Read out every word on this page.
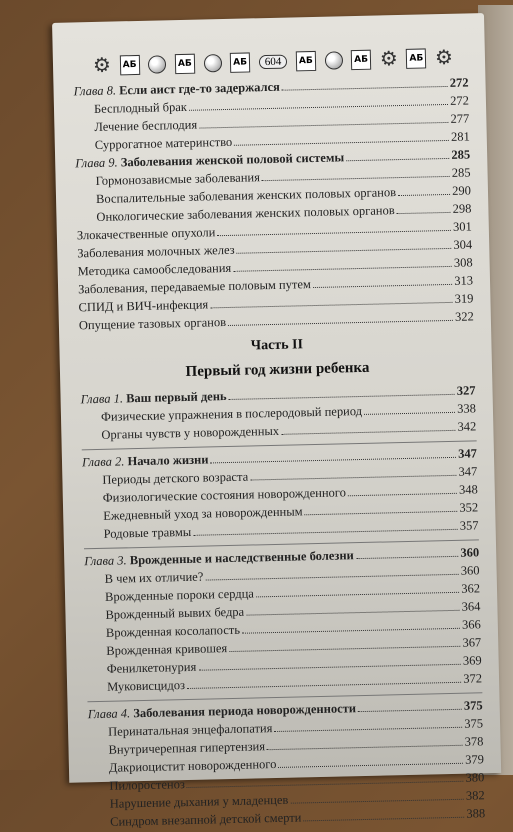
⚙	АБ	АБ	АБ	604	АБ	АБ ⚙	АБ ⚙
Глава 8. Если аист где-то задержался	272
Бесплодный брак	272
Лечение бесплодия	277
Суррогатное материнство	281
Глава 9. Заболевания женской половой системы	285
Гормонозависмые заболевания	285
Воспалительные заболевания женских половых органов	290
Онкологические заболевания женских половых органов	298
Злокачественные опухоли	301
Заболевания молочных желез	304
Методика самообследования	308
Заболевания, передаваемые половым путем	313
СПИД и ВИЧ-инфекция	319
Опущение тазовых органов	322
Часть II
Первый год жизни ребенка
Глава 1. Ваш первый день	327
Физические упражнения в послеродовый период	338
Органы чувств у новорожденных	342
Глава 2. Начало жизни	347
Периоды детского возраста	347
Физиологические состояния новорожденного	348
Ежедневный уход за новорожденным	352
Родовые травмы	357
Глава 3. Врожденные и наследственные болезни	360
В чем их отличие?	360
Врожденные пороки сердца	362
Врожденный вывих бедра	364
Врожденная косолапость	366
Врожденная кривошея	367
Фенилкетонурия	369
Муковисцидоз	372
Глава 4. Заболевания периода новорожденности	375
Перинатальная энцефалопатия	375
Внутричерепная гипертензия	378
Дакриоцистит новорожденного	379
Пилоростеноз	380
Нарушение дыхания у младенцев	382
Синдром внезапной детской смерти	388
